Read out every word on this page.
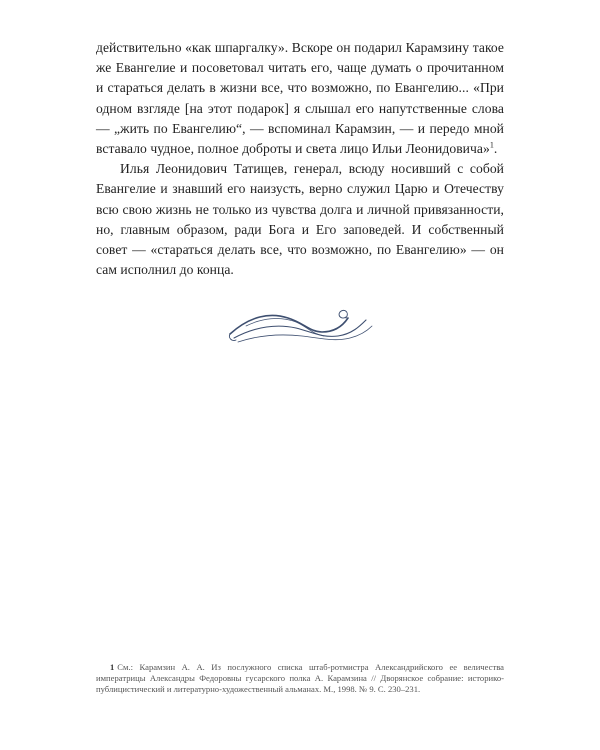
действительно «как шпаргалку». Вскоре он подарил Карамзину такое же Евангелие и посоветовал читать его, чаще думать о прочитанном и стараться делать в жизни все, что возможно, по Евангелию... «При одном взгляде [на этот подарок] я слышал его напутственные слова — „жить по Евангелию“, — вспоминал Карамзин, — и передо мной вставало чудное, полное доброты и света лицо Ильи Леонидовича»$^1$.

Илья Леонидович Татищев, генерал, всюду носивший с собой Евангелие и знавший его наизусть, верно служил Царю и Отечеству всю свою жизнь не только из чувства долга и личной привязанности, но, главным образом, ради Бога и Его заповедей. И собственный совет — «стараться делать все, что возможно, по Евангелию» — он сам исполнил до конца.

1 См.: Карамзин А. А. Из послужного списка штаб-ротмистра Александрийского ее величества императрицы Александры Федоровны гусарского полка А. Карамзина // Дворянское собрание: историко-публицистический и литературно-художественный альманах. М., 1998. № 9. С. 230–231.
